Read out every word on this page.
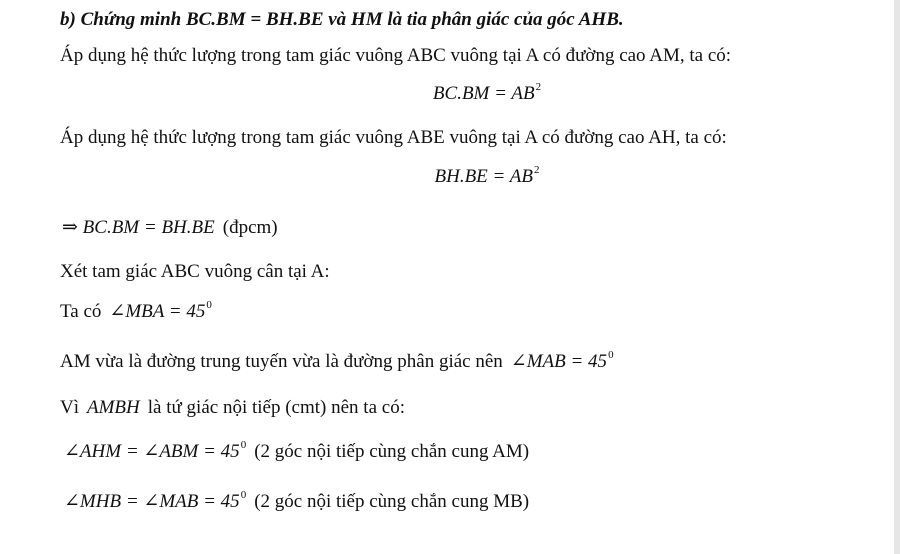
b) Chứng minh BC.BM = BH.BE và HM là tia phân giác của góc AHB.
Áp dụng hệ thức lượng trong tam giác vuông ABC vuông tại A có đường cao AM, ta có:
$BC.BM = AB^2$
Áp dụng hệ thức lượng trong tam giác vuông ABE vuông tại A có đường cao AH, ta có:
$BH.BE = AB^2$
⇒ BC.BM = BH.BE (đpcm)
Xét tam giác ABC vuông cân tại A:
Ta có ∠MBA = $45^0$
AM vừa là đường trung tuyến vừa là đường phân giác nên ∠MAB = $45^0$
Vì AMBH là tứ giác nội tiếp (cmt) nên ta có:
∠AHM = ∠ABM = $45^0$ (2 góc nội tiếp cùng chắn cung AM)
∠MHB = ∠MAB = $45^0$ (2 góc nội tiếp cùng chắn cung MB)
